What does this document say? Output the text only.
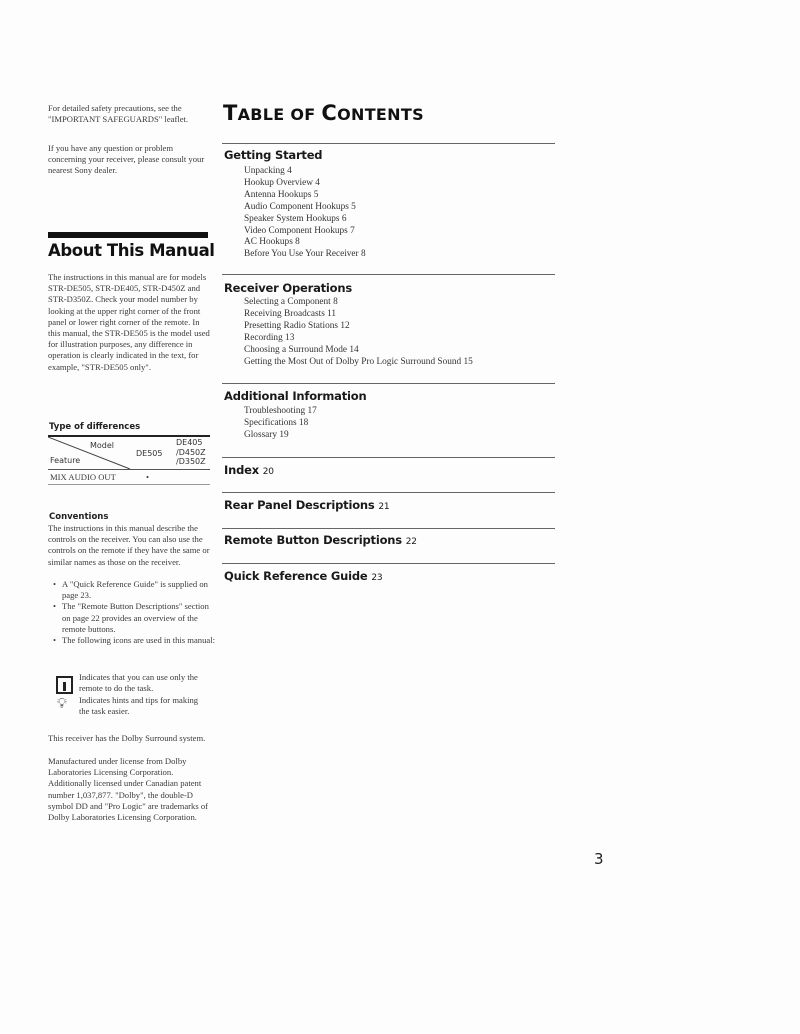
For detailed safety precautions, see the "IMPORTANT SAFEGUARDS" leaflet.
If you have any question or problem concerning your receiver, please consult your nearest Sony dealer.
About This Manual
The instructions in this manual are for models STR-DE505, STR-DE405, STR-D450Z and STR-D350Z. Check your model number by looking at the upper right corner of the front panel or lower right corner of the remote. In this manual, the STR-DE505 is the model used for illustration purposes, any difference in operation is clearly indicated in the text, for example, "STR-DE505 only".
Type of differences
Model
Feature
DE505
DE405
/D450Z
/D350Z
MIX AUDIO OUT	•
Conventions
The instructions in this manual describe the controls on the receiver. You can also use the controls on the remote if they have the same or similar names as those on the receiver.
• A "Quick Reference Guide" is supplied on page 23.
• The "Remote Button Descriptions" section on page 22 provides an overview of the remote buttons.
• The following icons are used in this manual:
Indicates that you can use only the remote to do the task.
💡︎ Indicates hints and tips for making the task easier.
This receiver has the Dolby Surround system.
Manufactured under license from Dolby Laboratories Licensing Corporation. Additionally licensed under Canadian patent number 1,037,877. "Dolby", the double-D symbol DD and "Pro Logic" are trademarks of Dolby Laboratories Licensing Corporation.
TABLE OF CONTENTS
Getting Started
Unpacking 4
Hookup Overview 4
Antenna Hookups 5
Audio Component Hookups 5
Speaker System Hookups 6
Video Component Hookups 7
AC Hookups 8
Before You Use Your Receiver 8
Receiver Operations
Selecting a Component 8
Receiving Broadcasts 11
Presetting Radio Stations 12
Recording 13
Choosing a Surround Mode 14
Getting the Most Out of Dolby Pro Logic Surround Sound 15
Additional Information
Troubleshooting 17
Specifications 18
Glossary 19
Index 20
Rear Panel Descriptions 21
Remote Button Descriptions 22
Quick Reference Guide 23
3
